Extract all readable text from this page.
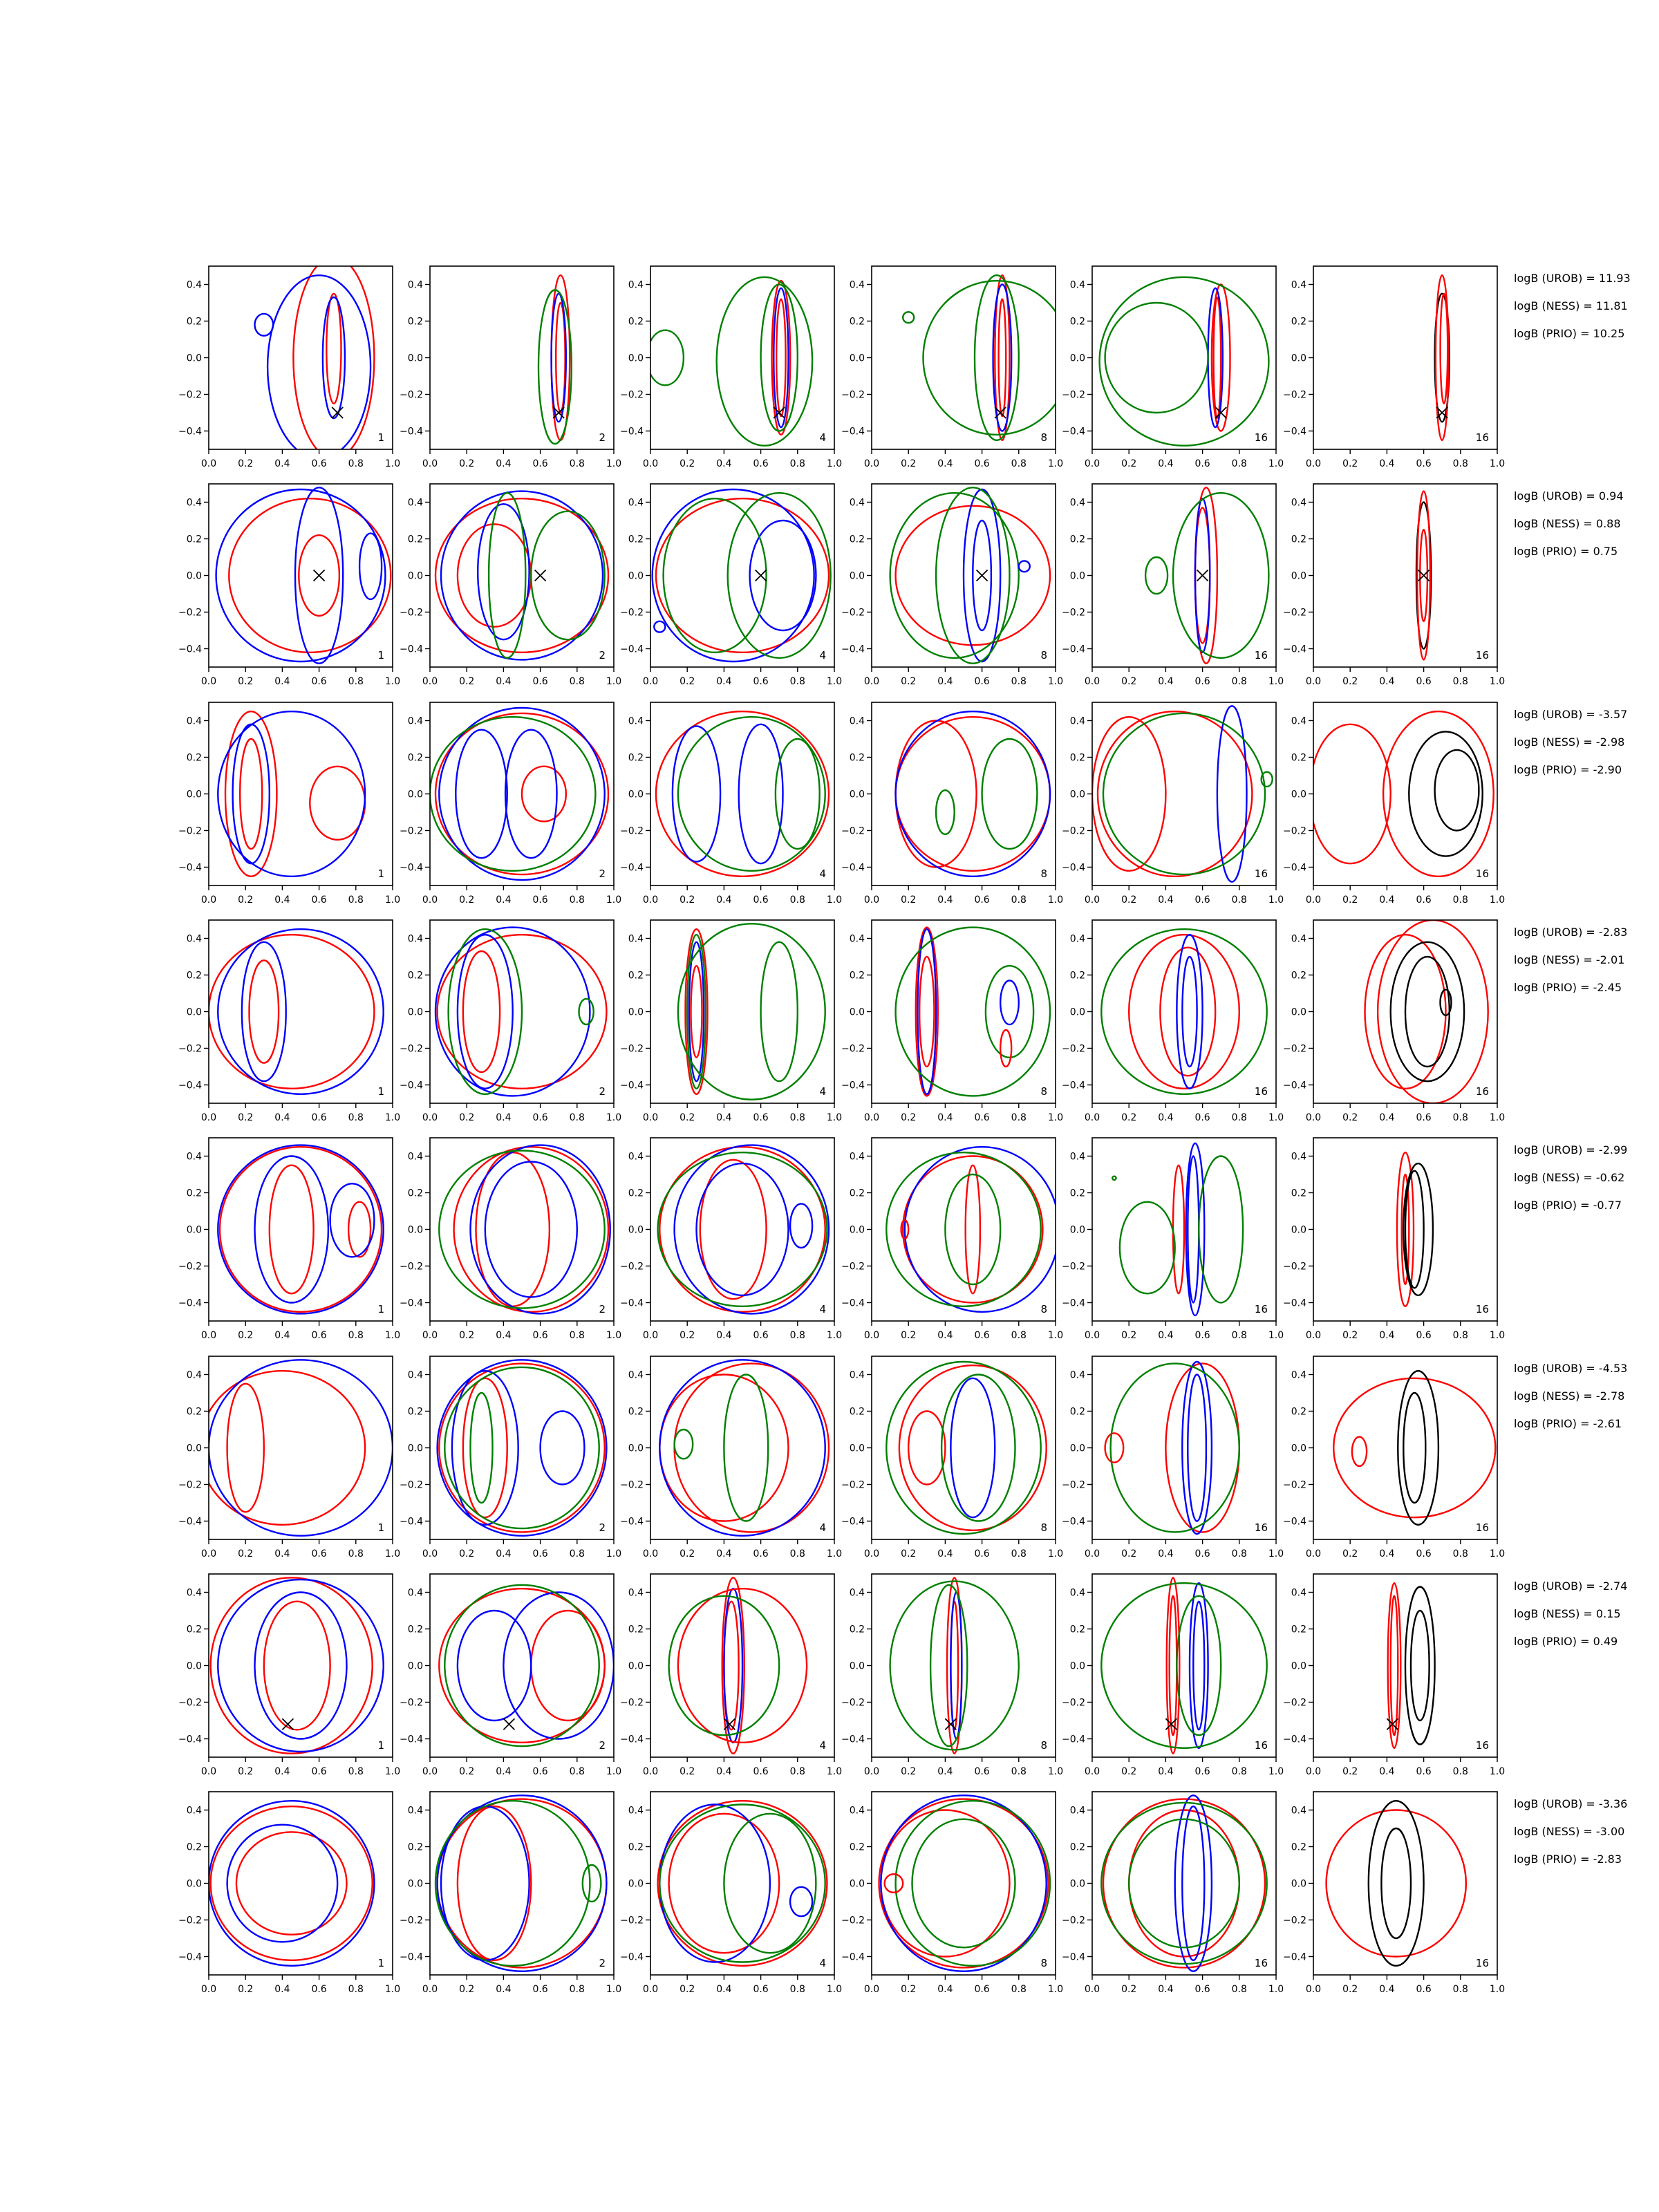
0.0 0.2 0.4 0.6 0.8 1.0
0.4
0.2
0.0
−0.2
−0.4	1
0.0 0.2 0.4 0.6 0.8 1.0
0.4
0.2
0.0
−0.2
−0.4	2
0.0 0.2 0.4 0.6 0.8 1.0
0.4
0.2
0.0
−0.2
−0.4	4
0.0 0.2 0.4 0.6 0.8 1.0
0.4
0.2
0.0
−0.2
−0.4	8
0.0 0.2 0.4 0.6 0.8 1.0
0.4
0.2
0.0
−0.2
−0.4	16
0.0 0.2 0.4 0.6 0.8 1.0
0.4
0.2
0.0
−0.2
−0.4	16
0.0 0.2 0.4 0.6 0.8 1.0
0.4
0.2
0.0
−0.2
−0.4	1
0.0 0.2 0.4 0.6 0.8 1.0
0.4
0.2
0.0
−0.2
−0.4	2
0.0 0.2 0.4 0.6 0.8 1.0
0.4
0.2
0.0
−0.2
−0.4	4
0.0 0.2 0.4 0.6 0.8 1.0
0.4
0.2
0.0
−0.2
−0.4	8
0.0 0.2 0.4 0.6 0.8 1.0
0.4
0.2
0.0
−0.2
−0.4	16
0.0 0.2 0.4 0.6 0.8 1.0
0.4
0.2
0.0
−0.2
−0.4	16
0.0 0.2 0.4 0.6 0.8 1.0
0.4
0.2
0.0
−0.2
−0.4	1
0.0 0.2 0.4 0.6 0.8 1.0
0.4
0.2
0.0
−0.2
−0.4	2
0.0 0.2 0.4 0.6 0.8 1.0
0.4
0.2
0.0
−0.2
−0.4	4
0.0 0.2 0.4 0.6 0.8 1.0
0.4
0.2
0.0
−0.2
−0.4	8
0.0 0.2 0.4 0.6 0.8 1.0
0.4
0.2
0.0
−0.2
−0.4	16
0.0 0.2 0.4 0.6 0.8 1.0
0.4
0.2
0.0
−0.2
−0.4	16
0.0 0.2 0.4 0.6 0.8 1.0
0.4
0.2
0.0
−0.2
−0.4	1
0.0 0.2 0.4 0.6 0.8 1.0
0.4
0.2
0.0
−0.2
−0.4	2
0.0 0.2 0.4 0.6 0.8 1.0
0.4
0.2
0.0
−0.2
−0.4	4
0.0 0.2 0.4 0.6 0.8 1.0
0.4
0.2
0.0
−0.2
−0.4	8
0.0 0.2 0.4 0.6 0.8 1.0
0.4
0.2
0.0
−0.2
−0.4	16
0.0 0.2 0.4 0.6 0.8 1.0
0.4
0.2
0.0
−0.2
−0.4	16
0.0 0.2 0.4 0.6 0.8 1.0
0.4
0.2
0.0
−0.2
−0.4	1
0.0 0.2 0.4 0.6 0.8 1.0
0.4
0.2
0.0
−0.2
−0.4	2
0.0 0.2 0.4 0.6 0.8 1.0
0.4
0.2
0.0
−0.2
−0.4	4
0.0 0.2 0.4 0.6 0.8 1.0
0.4
0.2
0.0
−0.2
−0.4	8
0.0 0.2 0.4 0.6 0.8 1.0
0.4
0.2
0.0
−0.2
−0.4	16
0.0 0.2 0.4 0.6 0.8 1.0
0.4
0.2
0.0
−0.2
−0.4	16
0.0 0.2 0.4 0.6 0.8 1.0
0.4
0.2
0.0
−0.2
−0.4	1
0.0 0.2 0.4 0.6 0.8 1.0
0.4
0.2
0.0
−0.2
−0.4	2
0.0 0.2 0.4 0.6 0.8 1.0
0.4
0.2
0.0
−0.2
−0.4	4
0.0 0.2 0.4 0.6 0.8 1.0
0.4
0.2
0.0
−0.2
−0.4	8
0.0 0.2 0.4 0.6 0.8 1.0
0.4
0.2
0.0
−0.2
−0.4	16
0.0 0.2 0.4 0.6 0.8 1.0
0.4
0.2
0.0
−0.2
−0.4	16
0.0 0.2 0.4 0.6 0.8 1.0
0.4
0.2
0.0
−0.2
−0.4	1
0.0 0.2 0.4 0.6 0.8 1.0
0.4
0.2
0.0
−0.2
−0.4	2
0.0 0.2 0.4 0.6 0.8 1.0
0.4
0.2
0.0
−0.2
−0.4	4
0.0 0.2 0.4 0.6 0.8 1.0
0.4
0.2
0.0
−0.2
−0.4	8
0.0 0.2 0.4 0.6 0.8 1.0
0.4
0.2
0.0
−0.2
−0.4	16
0.0 0.2 0.4 0.6 0.8 1.0
0.4
0.2
0.0
−0.2
−0.4	16
0.0 0.2 0.4 0.6 0.8 1.0
0.4
0.2
0.0
−0.2
−0.4	1
0.0 0.2 0.4 0.6 0.8 1.0
0.4
0.2
0.0
−0.2
−0.4	2
0.0 0.2 0.4 0.6 0.8 1.0
0.4
0.2
0.0
−0.2
−0.4	4
0.0 0.2 0.4 0.6 0.8 1.0
0.4
0.2
0.0
−0.2
−0.4	8
0.0 0.2 0.4 0.6 0.8 1.0
0.4
0.2
0.0
−0.2
−0.4	16
0.0 0.2 0.4 0.6 0.8 1.0
0.4
0.2
0.0
−0.2
−0.4	16
logB (UROB) = 11.93
logB (NESS) = 11.81
logB (PRIO) = 10.25
logB (UROB) = 0.94
logB (NESS) = 0.88
logB (PRIO) = 0.75
logB (UROB) = -3.57
logB (NESS) = -2.98
logB (PRIO) = -2.90
logB (UROB) = -2.83
logB (NESS) = -2.01
logB (PRIO) = -2.45
logB (UROB) = -2.99
logB (NESS) = -0.62
logB (PRIO) = -0.77
logB (UROB) = -4.53
logB (NESS) = -2.78
logB (PRIO) = -2.61
logB (UROB) = -2.74
logB (NESS) = 0.15
logB (PRIO) = 0.49
logB (UROB) = -3.36
logB (NESS) = -3.00
logB (PRIO) = -2.83
